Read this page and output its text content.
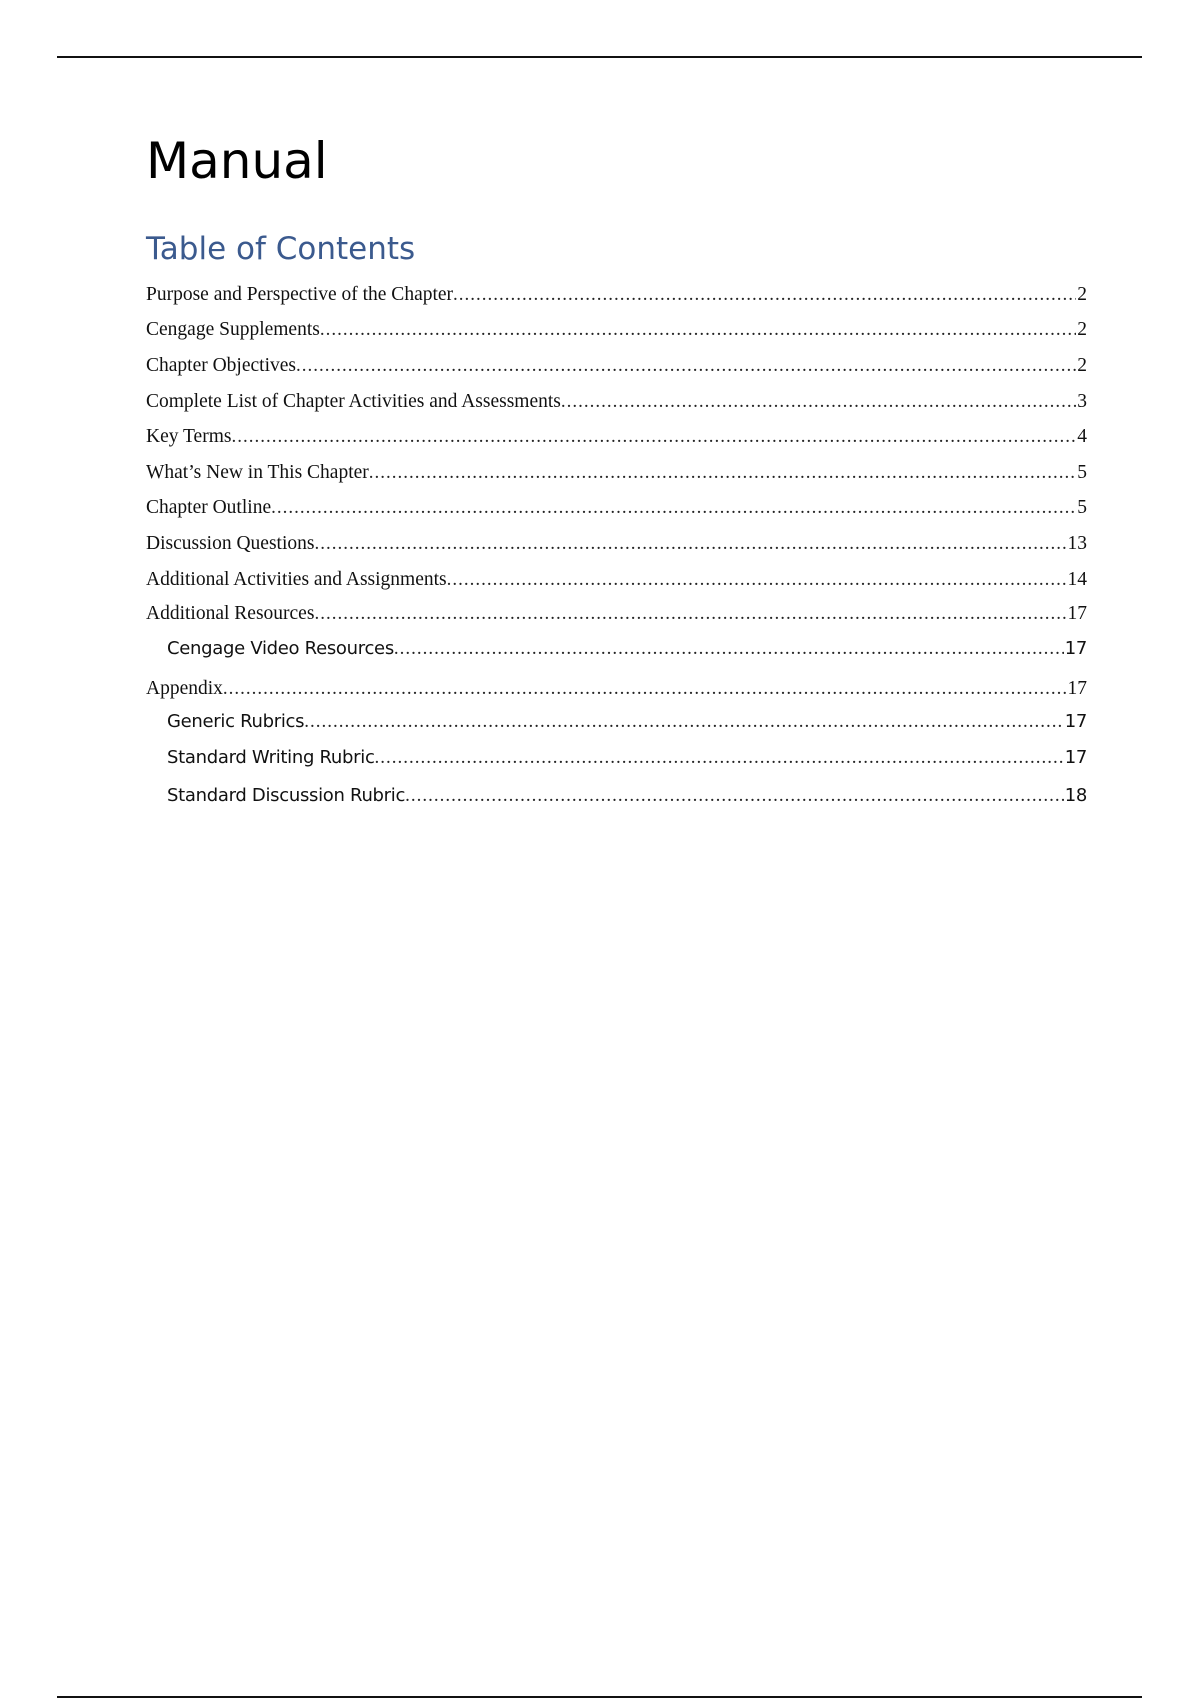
Manual
Table of Contents
Purpose and Perspective of the Chapter .....	2
Cengage Supplements .....	2
Chapter Objectives .....	2
Complete List of Chapter Activities and Assessments .....	3
Key Terms .....	4
What’s New in This Chapter .....	5
Chapter Outline .....	5
Discussion Questions .....	13
Additional Activities and Assignments .....	14
Additional Resources .....	17
Cengage Video Resources .....	17
Appendix .....	17
Generic Rubrics .....	17
Standard Writing Rubric .....	17
Standard Discussion Rubric .....	18
